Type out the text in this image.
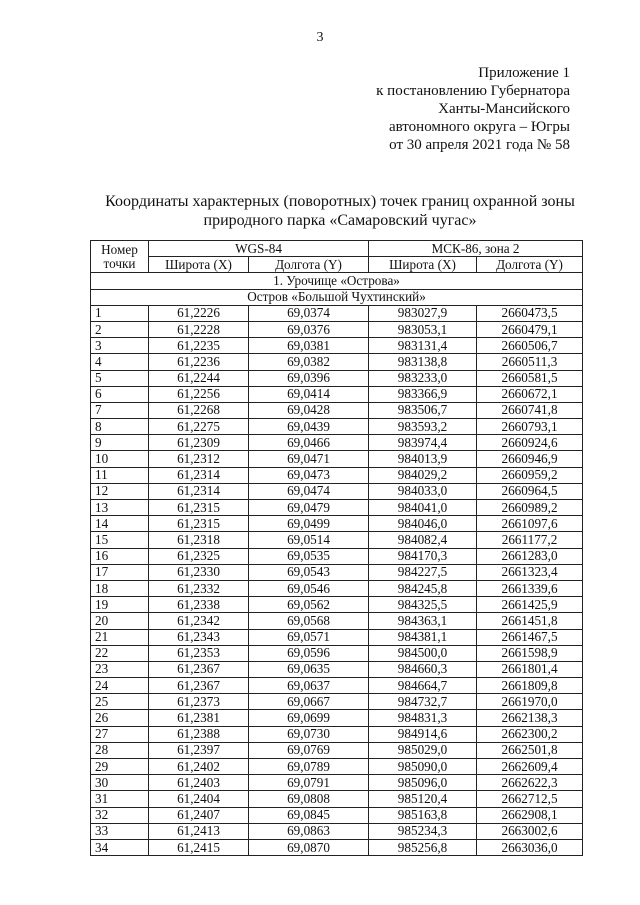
3
Приложение 1
к постановлению Губернатора
Ханты-Мансийского
автономного округа – Югры
от 30 апреля 2021 года № 58
Координаты характерных (поворотных) точек границ охранной зоны
природного парка «Самаровский чугас»
Номер точки	WGS-84		МСК-86, зона 2	
	Широта (X)	Долгота (Y)	Широта (X)	Долгота (Y)
1. Урочище «Острова»				
Остров «Большой Чухтинский»				
1	61,2226	69,0374	983027,9	2660473,5
2	61,2228	69,0376	983053,1	2660479,1
3	61,2235	69,0381	983131,4	2660506,7
4	61,2236	69,0382	983138,8	2660511,3
5	61,2244	69,0396	983233,0	2660581,5
6	61,2256	69,0414	983366,9	2660672,1
7	61,2268	69,0428	983506,7	2660741,8
8	61,2275	69,0439	983593,2	2660793,1
9	61,2309	69,0466	983974,4	2660924,6
10	61,2312	69,0471	984013,9	2660946,9
11	61,2314	69,0473	984029,2	2660959,2
12	61,2314	69,0474	984033,0	2660964,5
13	61,2315	69,0479	984041,0	2660989,2
14	61,2315	69,0499	984046,0	2661097,6
15	61,2318	69,0514	984082,4	2661177,2
16	61,2325	69,0535	984170,3	2661283,0
17	61,2330	69,0543	984227,5	2661323,4
18	61,2332	69,0546	984245,8	2661339,6
19	61,2338	69,0562	984325,5	2661425,9
20	61,2342	69,0568	984363,1	2661451,8
21	61,2343	69,0571	984381,1	2661467,5
22	61,2353	69,0596	984500,0	2661598,9
23	61,2367	69,0635	984660,3	2661801,4
24	61,2367	69,0637	984664,7	2661809,8
25	61,2373	69,0667	984732,7	2661970,0
26	61,2381	69,0699	984831,3	2662138,3
27	61,2388	69,0730	984914,6	2662300,2
28	61,2397	69,0769	985029,0	2662501,8
29	61,2402	69,0789	985090,0	2662609,4
30	61,2403	69,0791	985096,0	2662622,3
31	61,2404	69,0808	985120,4	2662712,5
32	61,2407	69,0845	985163,8	2662908,1
33	61,2413	69,0863	985234,3	2663002,6
34	61,2415	69,0870	985256,8	2663036,0
